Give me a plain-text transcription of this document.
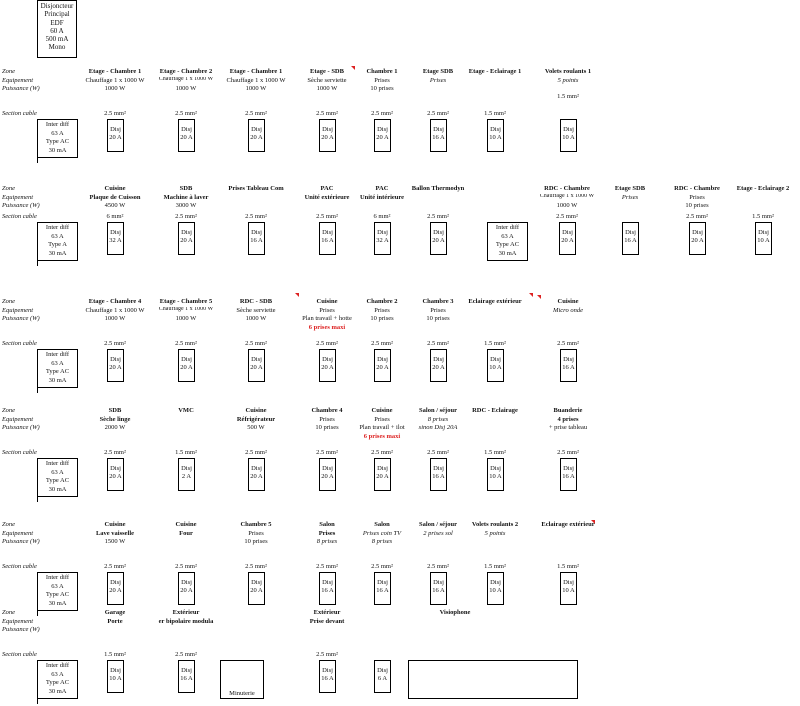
Disjoncteur
Principal
EDF
60 A
500 mA
Mono
Zone
Equipement
Puissance (W)
Section cable
Inter diff
63 A
Type AC
30 mA
Etage - Chambre 1
Chauffage 1 x 1000 W
1000 W
2.5 mm²
Disj
20 A
Etage - Chambre 2
Chauffage 1 x 1000 W
1000 W
2.5 mm²
Disj
20 A
Etage - Chambre 1
Chauffage 1 x 1000 W
1000 W
2.5 mm²
Disj
20 A
Etage - SDB
Sèche serviette
1000 W
2.5 mm²
Disj
20 A
Chambre 1
Prises
10 prises
2.5 mm²
Disj
20 A
Etage SDB
Prises
2.5 mm²
Disj
16 A
Etage - Eclairage 1
1.5 mm²
Disj
10 A
Volets roulants 1
5 points
1.5 mm²
Disj
10 A
Zone
Equipement
Puissance (W)
Section cable
Inter diff
63 A
Type A
30 mA
Inter diff
63 A
Type AC
30 mA
Cuisine
Plaque de Cuisson
4500 W
6 mm²
Disj
32 A
SDB
Machine à laver
3000 W
2.5 mm²
Disj
20 A
Prises Tableau Com
2.5 mm²
Disj
16 A
PAC
Unité extérieure
2.5 mm²
Disj
16 A
PAC
Unité intérieure
6 mm²
Disj
32 A
Ballon Thermodyn
2.5 mm²
Disj
20 A
RDC - Chambre
Chauffage 1 x 1000 W
1000 W
2.5 mm²
Disj
20 A
Etage SDB
Prises
Disj
16 A
RDC - Chambre
Prises
10 prises
2.5 mm²
Disj
20 A
Etage - Eclairage 2
1.5 mm²
Disj
10 A
Zone
Equipement
Puissance (W)
Section cable
Inter diff
63 A
Type AC
30 mA
Etage - Chambre 4
Chauffage 1 x 1000 W
1000 W
2.5 mm²
Disj
20 A
Etage - Chambre 5
Chauffage 1 x 1000 W
1000 W
2.5 mm²
Disj
20 A
RDC - SDB
Sèche serviette
1000 W
2.5 mm²
Disj
20 A
Cuisine
Prises
Plan travail + hotte
6 prises maxi
2.5 mm²
Disj
20 A
Chambre 2
Prises
10 prises
2.5 mm²
Disj
20 A
Chambre 3
Prises
10 prises
2.5 mm²
Disj
20 A
Eclairage extérieur
1.5 mm²
Disj
10 A
Cuisine
Micro onde
2.5 mm²
Disj
16 A
Zone
Equipement
Puissance (W)
Section cable
Inter diff
63 A
Type AC
30 mA
SDB
Sèche linge
2000 W
2.5 mm²
Disj
20 A
VMC
1.5 mm²
Disj
2 A
Cuisine
Réfrigérateur
500 W
2.5 mm²
Disj
20 A
Chambre 4
Prises
10 prises
2.5 mm²
Disj
20 A
Cuisine
Prises
Plan travail + ilot
6 prises maxi
2.5 mm²
Disj
20 A
Salon / séjour
8 prises
sinon Disj 20A
2.5 mm²
Disj
16 A
RDC - Eclairage
1.5 mm²
Disj
10 A
Buanderie
4 prises
+ prise tableau
2.5 mm²
Disj
16 A
Zone
Equipement
Puissance (W)
Section cable
Inter diff
63 A
Type AC
30 mA
Cuisine
Lave vaisselle
1500 W
2.5 mm²
Disj
20 A
Cuisine
Four
2.5 mm²
Disj
20 A
Chambre 5
Prises
10 prises
2.5 mm²
Disj
20 A
Salon
Prises
8 prises
2.5 mm²
Disj
16 A
Salon
Prises coin TV
8 prises
2.5 mm²
Disj
16 A
Salon / séjour
2 prises sol
2.5 mm²
Disj
16 A
Volets roulants 2
5 points
1.5 mm²
Disj
10 A
Eclairage extérieur
1.5 mm²
Disj
10 A
Zone
Equipement
Puissance (W)
Section cable
Inter diff
63 A
Type AC
30 mA
Garage
Porte
1.5 mm²
Disj
10 A
Extérieur
er bipolaire modula
2.5 mm²
Disj
16 A
Extérieur
Prise devant
2.5 mm²
Disj
16 A
Disj
6 A
Visiophone
Minuterie
